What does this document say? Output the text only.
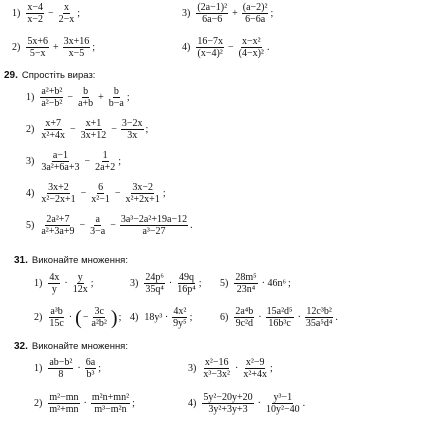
1)
x−4
x−2
− $\frac{x}{2-x}$ ;	3)
(2a−1)²
6a−6
+ $\frac{\text{(a−2)²}}{6-6a}$ ;
2)
5x+6
5−x
+ $\frac{3x+16}{x-5}$ ;	4)
16−7x
(x−4)²
− $\frac{\text{x−x²}}{\text{(4−x)²}}$ .
29. Спростіть вираз:
1)
a²+b²
a²−b²
− $\frac{b}{a+b} + \frac{b}{b-a}$ ;
2)
x+7
x²+4x
− $\frac{x+1}{3x+12} - \frac{3-2x}{3x}$ ;
3)
a−1
3a²+6a+3
− $\frac{1}{2a+2}$ ;
4)
3x+2
x²−2x+1
− $\frac{6}{\text{x²−1}} - \frac{3x-2}{\text{x²+2x+1}}$ ;
5)
2a²+7
a²+3a+9
− $\frac{a}{3-a} - \frac{\text{3a³−2a²+19a−12}}{\text{a³−27}}$ .
31. Виконайте множення:
1)
4x
y
·
y
12x
;	3)
24p⁶
35q⁴
·
49q
16p⁴
; 5)
28m⁵
23n⁴
· 46n⁶ ;
2)
a³b
15c
· ( − $\frac{3c}{\text{a²b²}}$ ) ; 4) 18y³ ·
4x²
9y⁵
;	6)
2a⁴b
9c²d
·
15a²d⁵
16b³c
·
12c³b²
35a⁵d⁴
.
32. Виконайте множення:
1)
ab−b²
8
·
6a
b³
;	3)
x²−16
x³−3x²
·
x²−9
x²+4x
;
2)
m²−mn
m²+mn
·
m²n+mn²
m³−m²n
;	4)
5y²−20y+20
3y²+3y+3
·
y³−1
10y²−40
.
